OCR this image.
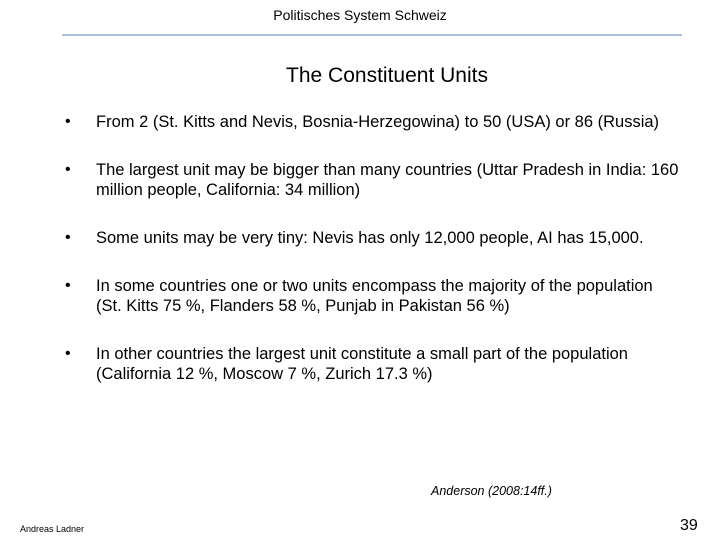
Politisches System Schweiz
The Constituent Units
• From 2 (St. Kitts and Nevis, Bosnia-Herzegowina) to 50 (USA) or 86 (Russia)
• The largest unit may be bigger than many countries (Uttar Pradesh in India: 160 million people, California: 34 million)
• Some units may be very tiny: Nevis has only 12,000 people, AI has 15,000.
• In some countries one or two units encompass the majority of the population (St. Kitts 75 %, Flanders 58 %, Punjab in Pakistan 56 %)
• In other countries the largest unit constitute a small part of the population (California 12 %, Moscow 7 %, Zurich 17.3 %)
Anderson (2008:14ff.)
Andreas Ladner	39
